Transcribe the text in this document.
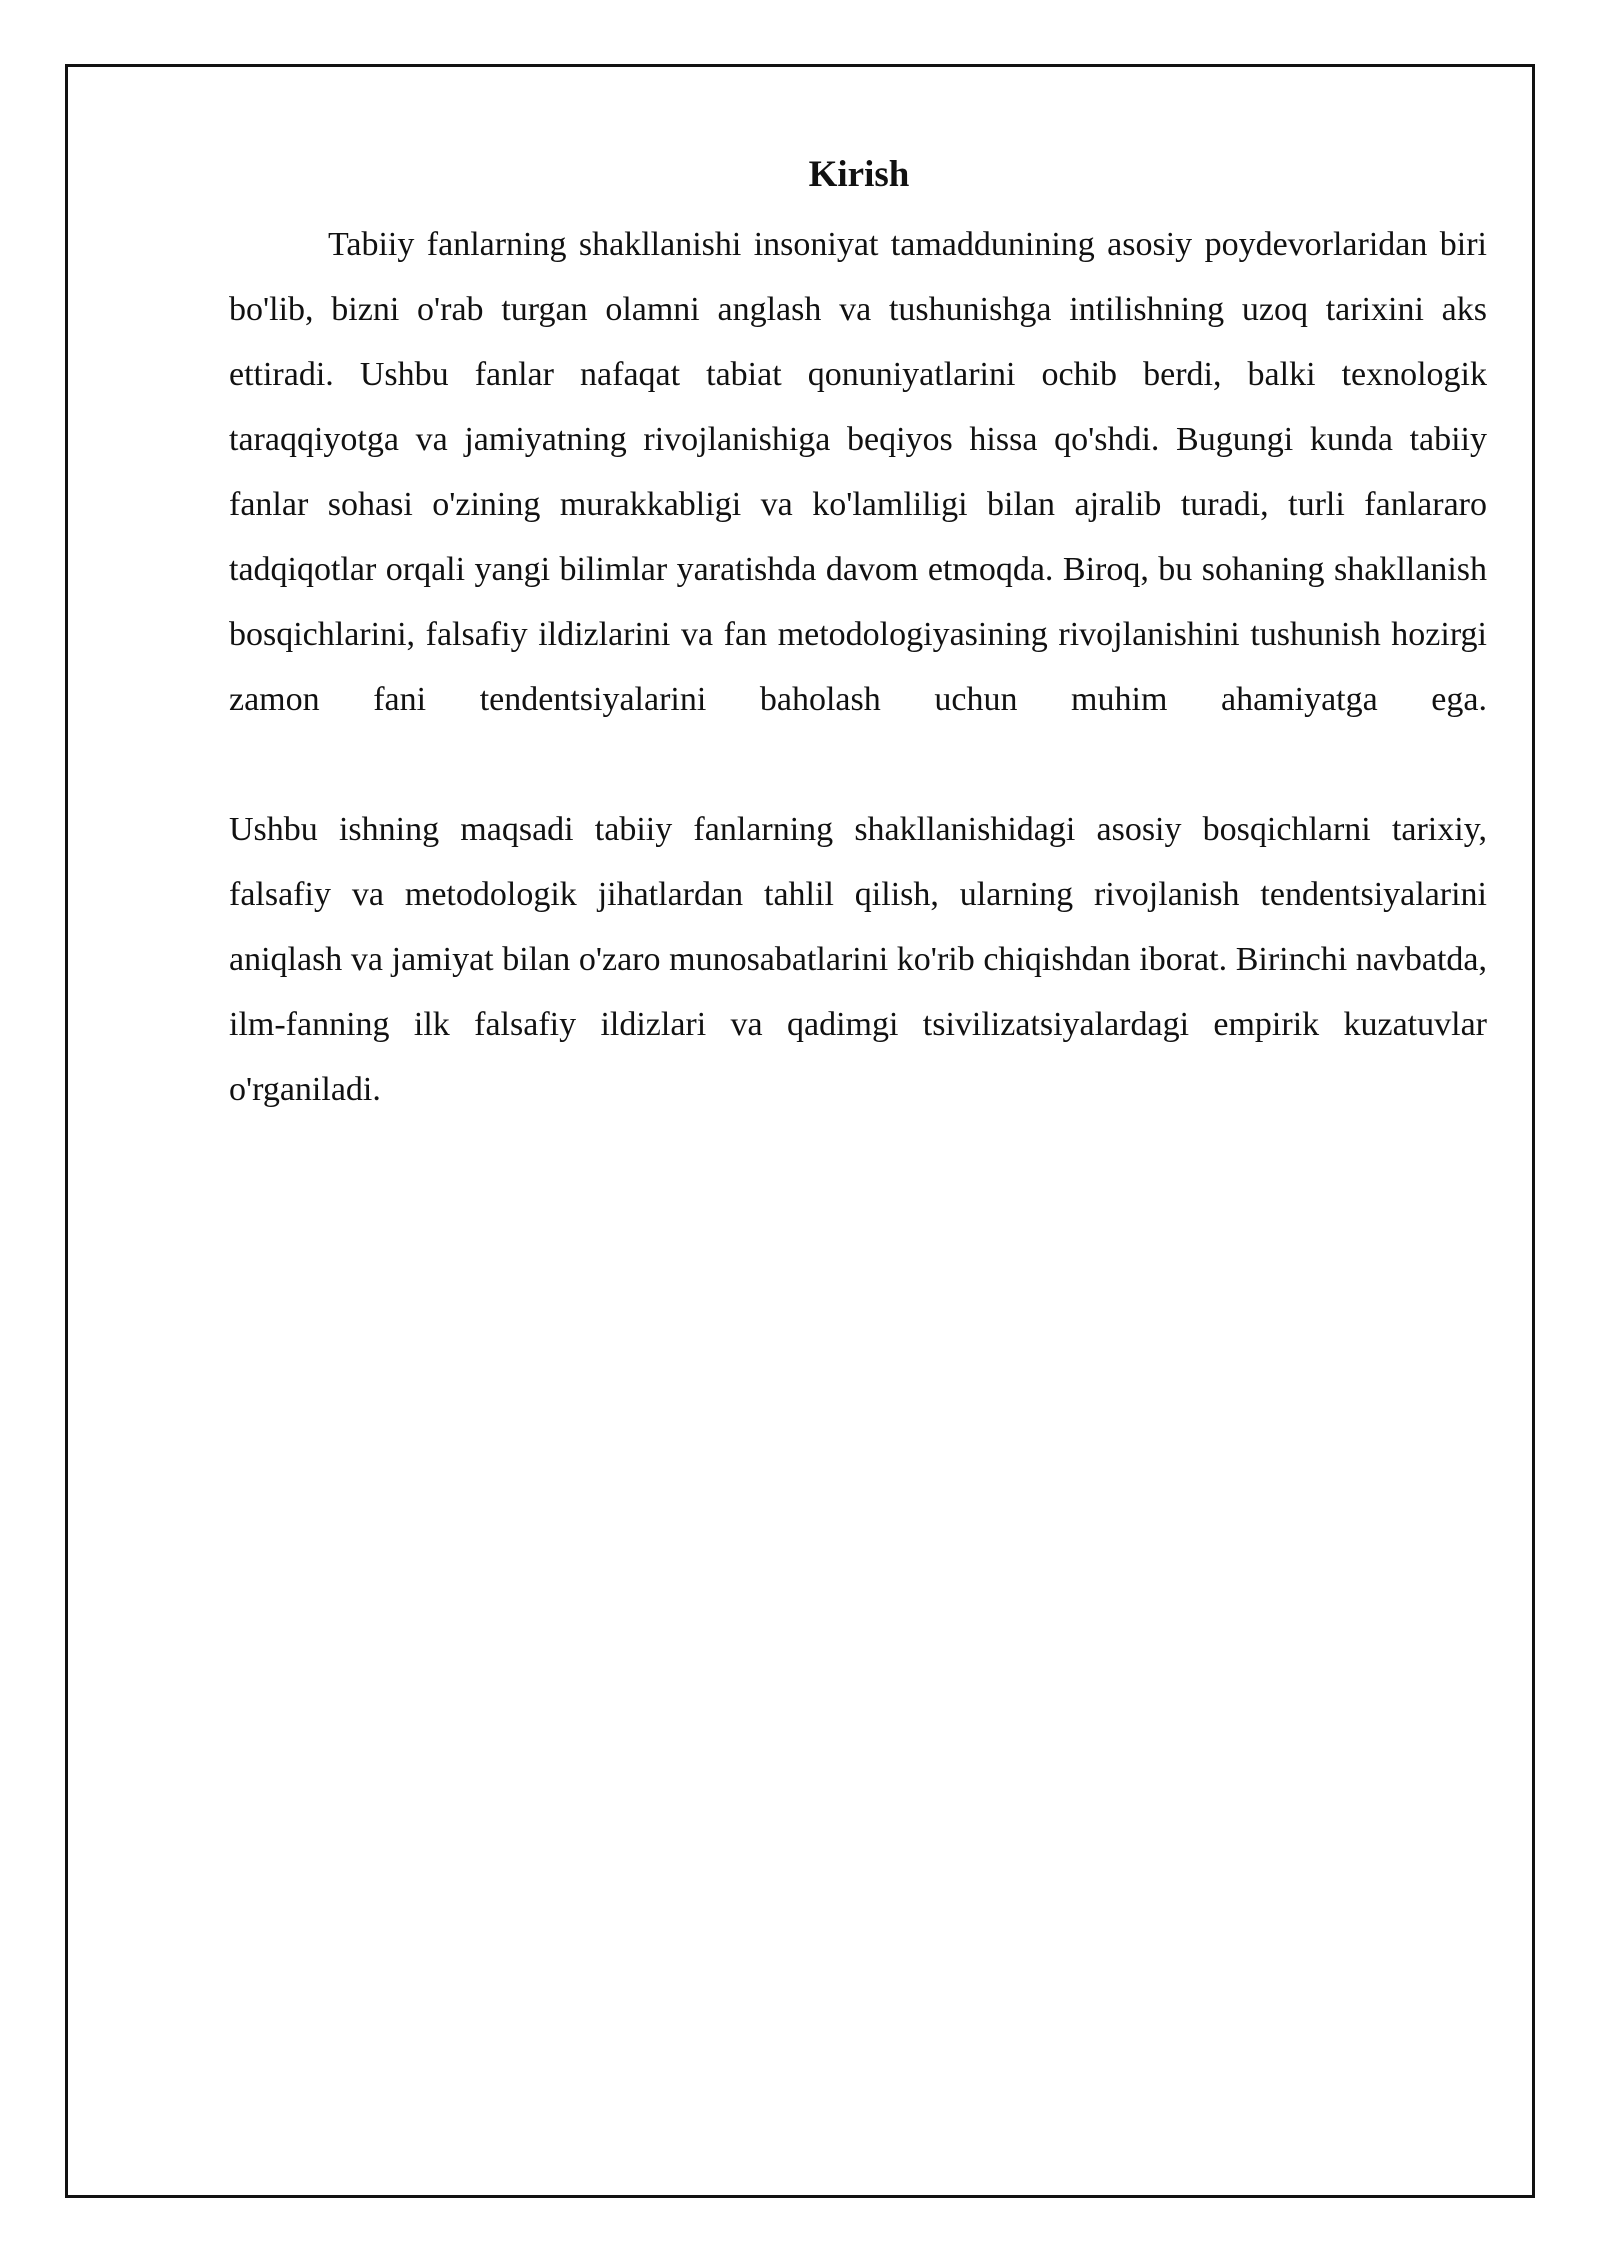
Kirish

Tabiiy fanlarning shakllanishi insoniyat tamaddunining asosiy poydevorlaridan biri bo'lib, bizni o'rab turgan olamni anglash va tushunishga intilishning uzoq tarixini aks ettiradi. Ushbu fanlar nafaqat tabiat qonuniyatlarini ochib berdi, balki texnologik taraqqiyotga va jamiyatning rivojlanishiga beqiyos hissa qo'shdi. Bugungi kunda tabiiy fanlar sohasi o'zining murakkabligi va ko'lamliligi bilan ajralib turadi, turli fanlararo tadqiqotlar orqali yangi bilimlar yaratishda davom etmoqda. Biroq, bu sohaning shakllanish bosqichlarini, falsafiy ildizlarini va fan metodologiyasining rivojlanishini tushunish hozirgi zamon fani tendentsiyalarini baholash uchun muhim ahamiyatga ega.

Ushbu ishning maqsadi tabiiy fanlarning shakllanishidagi asosiy bosqichlarni tarixiy, falsafiy va metodologik jihatlardan tahlil qilish, ularning rivojlanish tendentsiyalarini aniqlash va jamiyat bilan o'zaro munosabatlarini ko'rib chiqishdan iborat. Birinchi navbatda, ilm-fanning ilk falsafiy ildizlari va qadimgi tsivilizatsiyalardagi empirik kuzatuvlar o'rganiladi.
